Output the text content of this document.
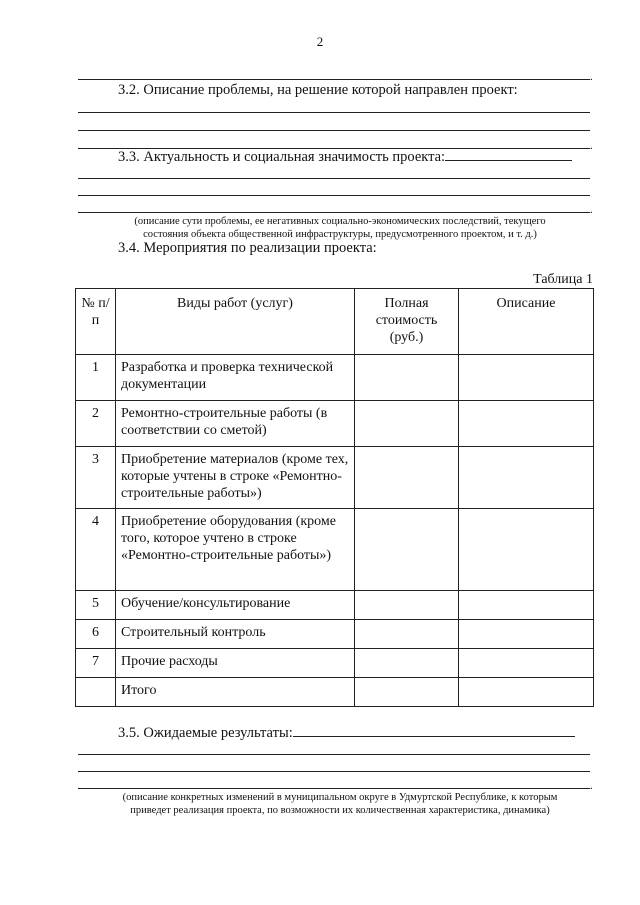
2
.
3.2. Описание проблемы, на решение которой направлен проект:
.
3.3. Актуальность и социальная значимость проекта:
.
(описание сути проблемы, ее негативных социально-экономических последствий, текущего
состояния объекта общественной инфраструктуры, предусмотренного проектом, и т. д.)
3.4. Мероприятия по реализации проекта:
Таблица 1
№ п/п	Виды работ (услуг)	Полная стоимость (руб.)	Описание
1	Разработка и проверка технической документации		
2	Ремонтно-строительные работы (в соответствии со сметой)		
3	Приобретение материалов (кроме тех, которые учтены в строке «Ремонтно-строительные работы»)		
4	Приобретение оборудования (кроме того, которое учтено в строке «Ремонтно-строительные работы»)		
5	Обучение/консультирование		
6	Строительный контроль		
7	Прочие расходы		
	Итого		
3.5. Ожидаемые результаты:
.
(описание конкретных изменений в муниципальном округе в Удмуртской Республике, к которым
приведет реализация проекта, по возможности их количественная характеристика, динамика)
